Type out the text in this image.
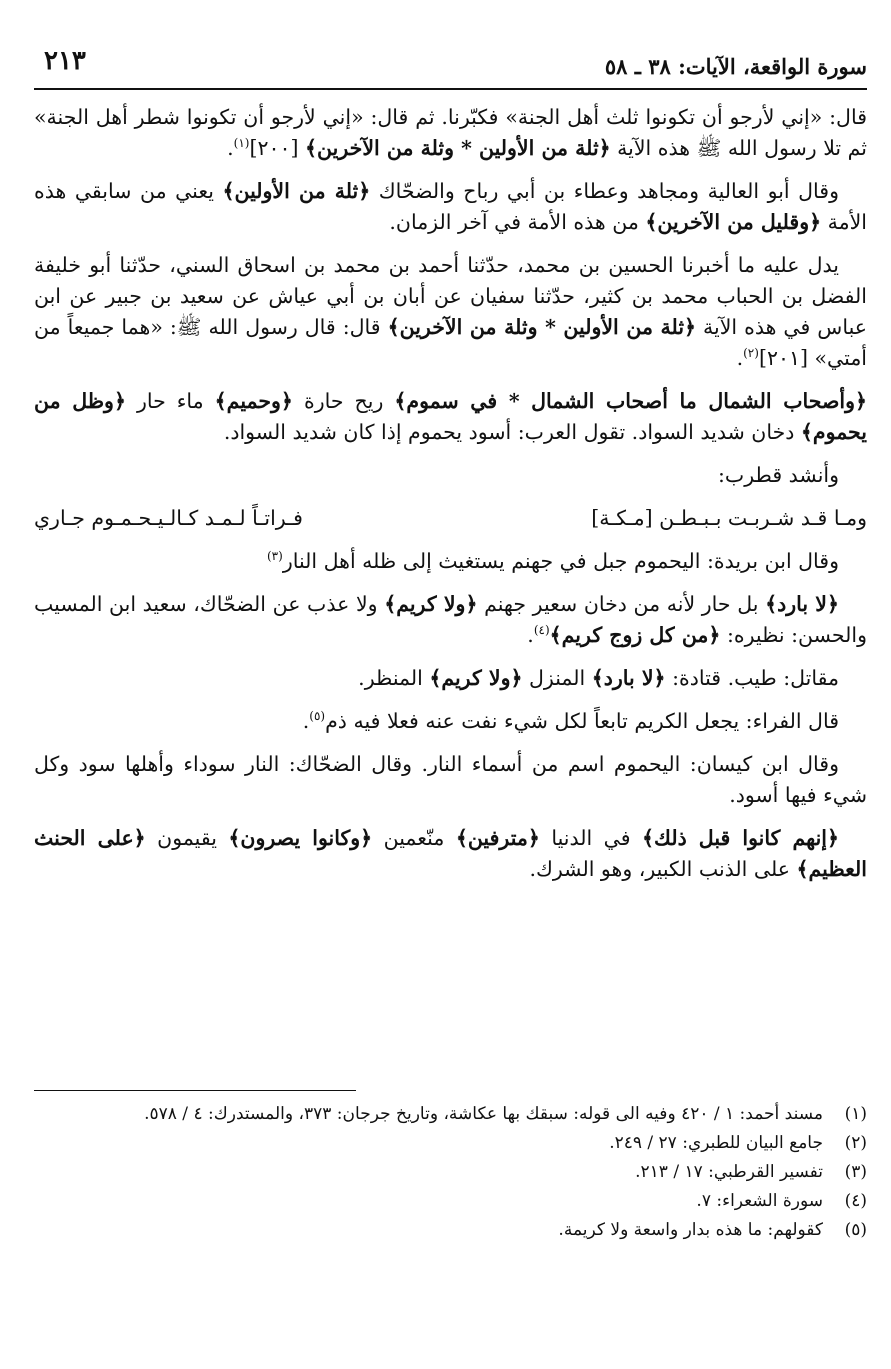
سورة الواقعة، الآيات: ٣٨ ـ ٥٨
٢١٣

قال: «إني لأرجو أن تكونوا ثلث أهل الجنة» فكبّرنا. ثم قال: «إني لأرجو أن تكونوا شطر أهل الجنة» ثم تلا رسول الله ﷺ هذه الآية ﴿ثلة من الأولين * وثلة من الآخرين﴾ [٢٠٠]$^{(١)}$.

وقال أبو العالية ومجاهد وعطاء بن أبي رباح والضحّاك ﴿ثلة من الأولين﴾ يعني من سابقي هذه الأمة ﴿وقليل من الآخرين﴾ من هذه الأمة في آخر الزمان.

يدل عليه ما أخبرنا الحسين بن محمد، حدّثنا أحمد بن محمد بن اسحاق السني، حدّثنا أبو خليفة الفضل بن الحباب محمد بن كثير، حدّثنا سفيان عن أبان بن أبي عياش عن سعيد بن جبير عن ابن عباس في هذه الآية ﴿ثلة من الأولين * وثلة من الآخرين﴾ قال: قال رسول الله ﷺ: «هما جميعاً من أمتي» [٢٠١]$^{(٢)}$.

﴿وأصحاب الشمال ما أصحاب الشمال * في سموم﴾ ريح حارة ﴿وحميم﴾ ماء حار ﴿وظل من يحموم﴾ دخان شديد السواد. تقول العرب: أسود يحموم إذا كان شديد السواد.

وأنشد قطرب:

ومـا قـد شـربـت بـبـطـن [مـكـة]
فـراتـاً لـمـد كـالـيـحـمـوم جـاري

وقال ابن بريدة: اليحموم جبل في جهنم يستغيث إلى ظله أهل النار$^{(٣)}$

﴿لا بارد﴾ بل حار لأنه من دخان سعير جهنم ﴿ولا كريم﴾ ولا عذب عن الضحّاك، سعيد ابن المسيب والحسن: نظيره: ﴿من كل زوج كريم﴾$^{(٤)}$.

مقاتل: طيب. قتادة: ﴿لا بارد﴾ المنزل ﴿ولا كريم﴾ المنظر.

قال الفراء: يجعل الكريم تابعاً لكل شيء نفت عنه فعلا فيه ذم$^{(٥)}$.

وقال ابن كيسان: اليحموم اسم من أسماء النار. وقال الضحّاك: النار سوداء وأهلها سود وكل شيء فيها أسود.

﴿إنهم كانوا قبل ذلك﴾ في الدنيا ﴿مترفين﴾ منّعمين ﴿وكانوا يصرون﴾ يقيمون ﴿على الحنث العظيم﴾ على الذنب الكبير، وهو الشرك.

(١)
مسند أحمد: ١ / ٤٢٠ وفيه الى قوله: سبقك بها عكاشة، وتاريخ جرجان: ٣٧٣، والمستدرك: ٤ / ٥٧٨.
(٢)
جامع البيان للطبري: ٢٧ / ٢٤٩.
(٣)
تفسير القرطبي: ١٧ / ٢١٣.
(٤)
سورة الشعراء: ٧.
(٥)
كقولهم: ما هذه بدار واسعة ولا كريمة.
